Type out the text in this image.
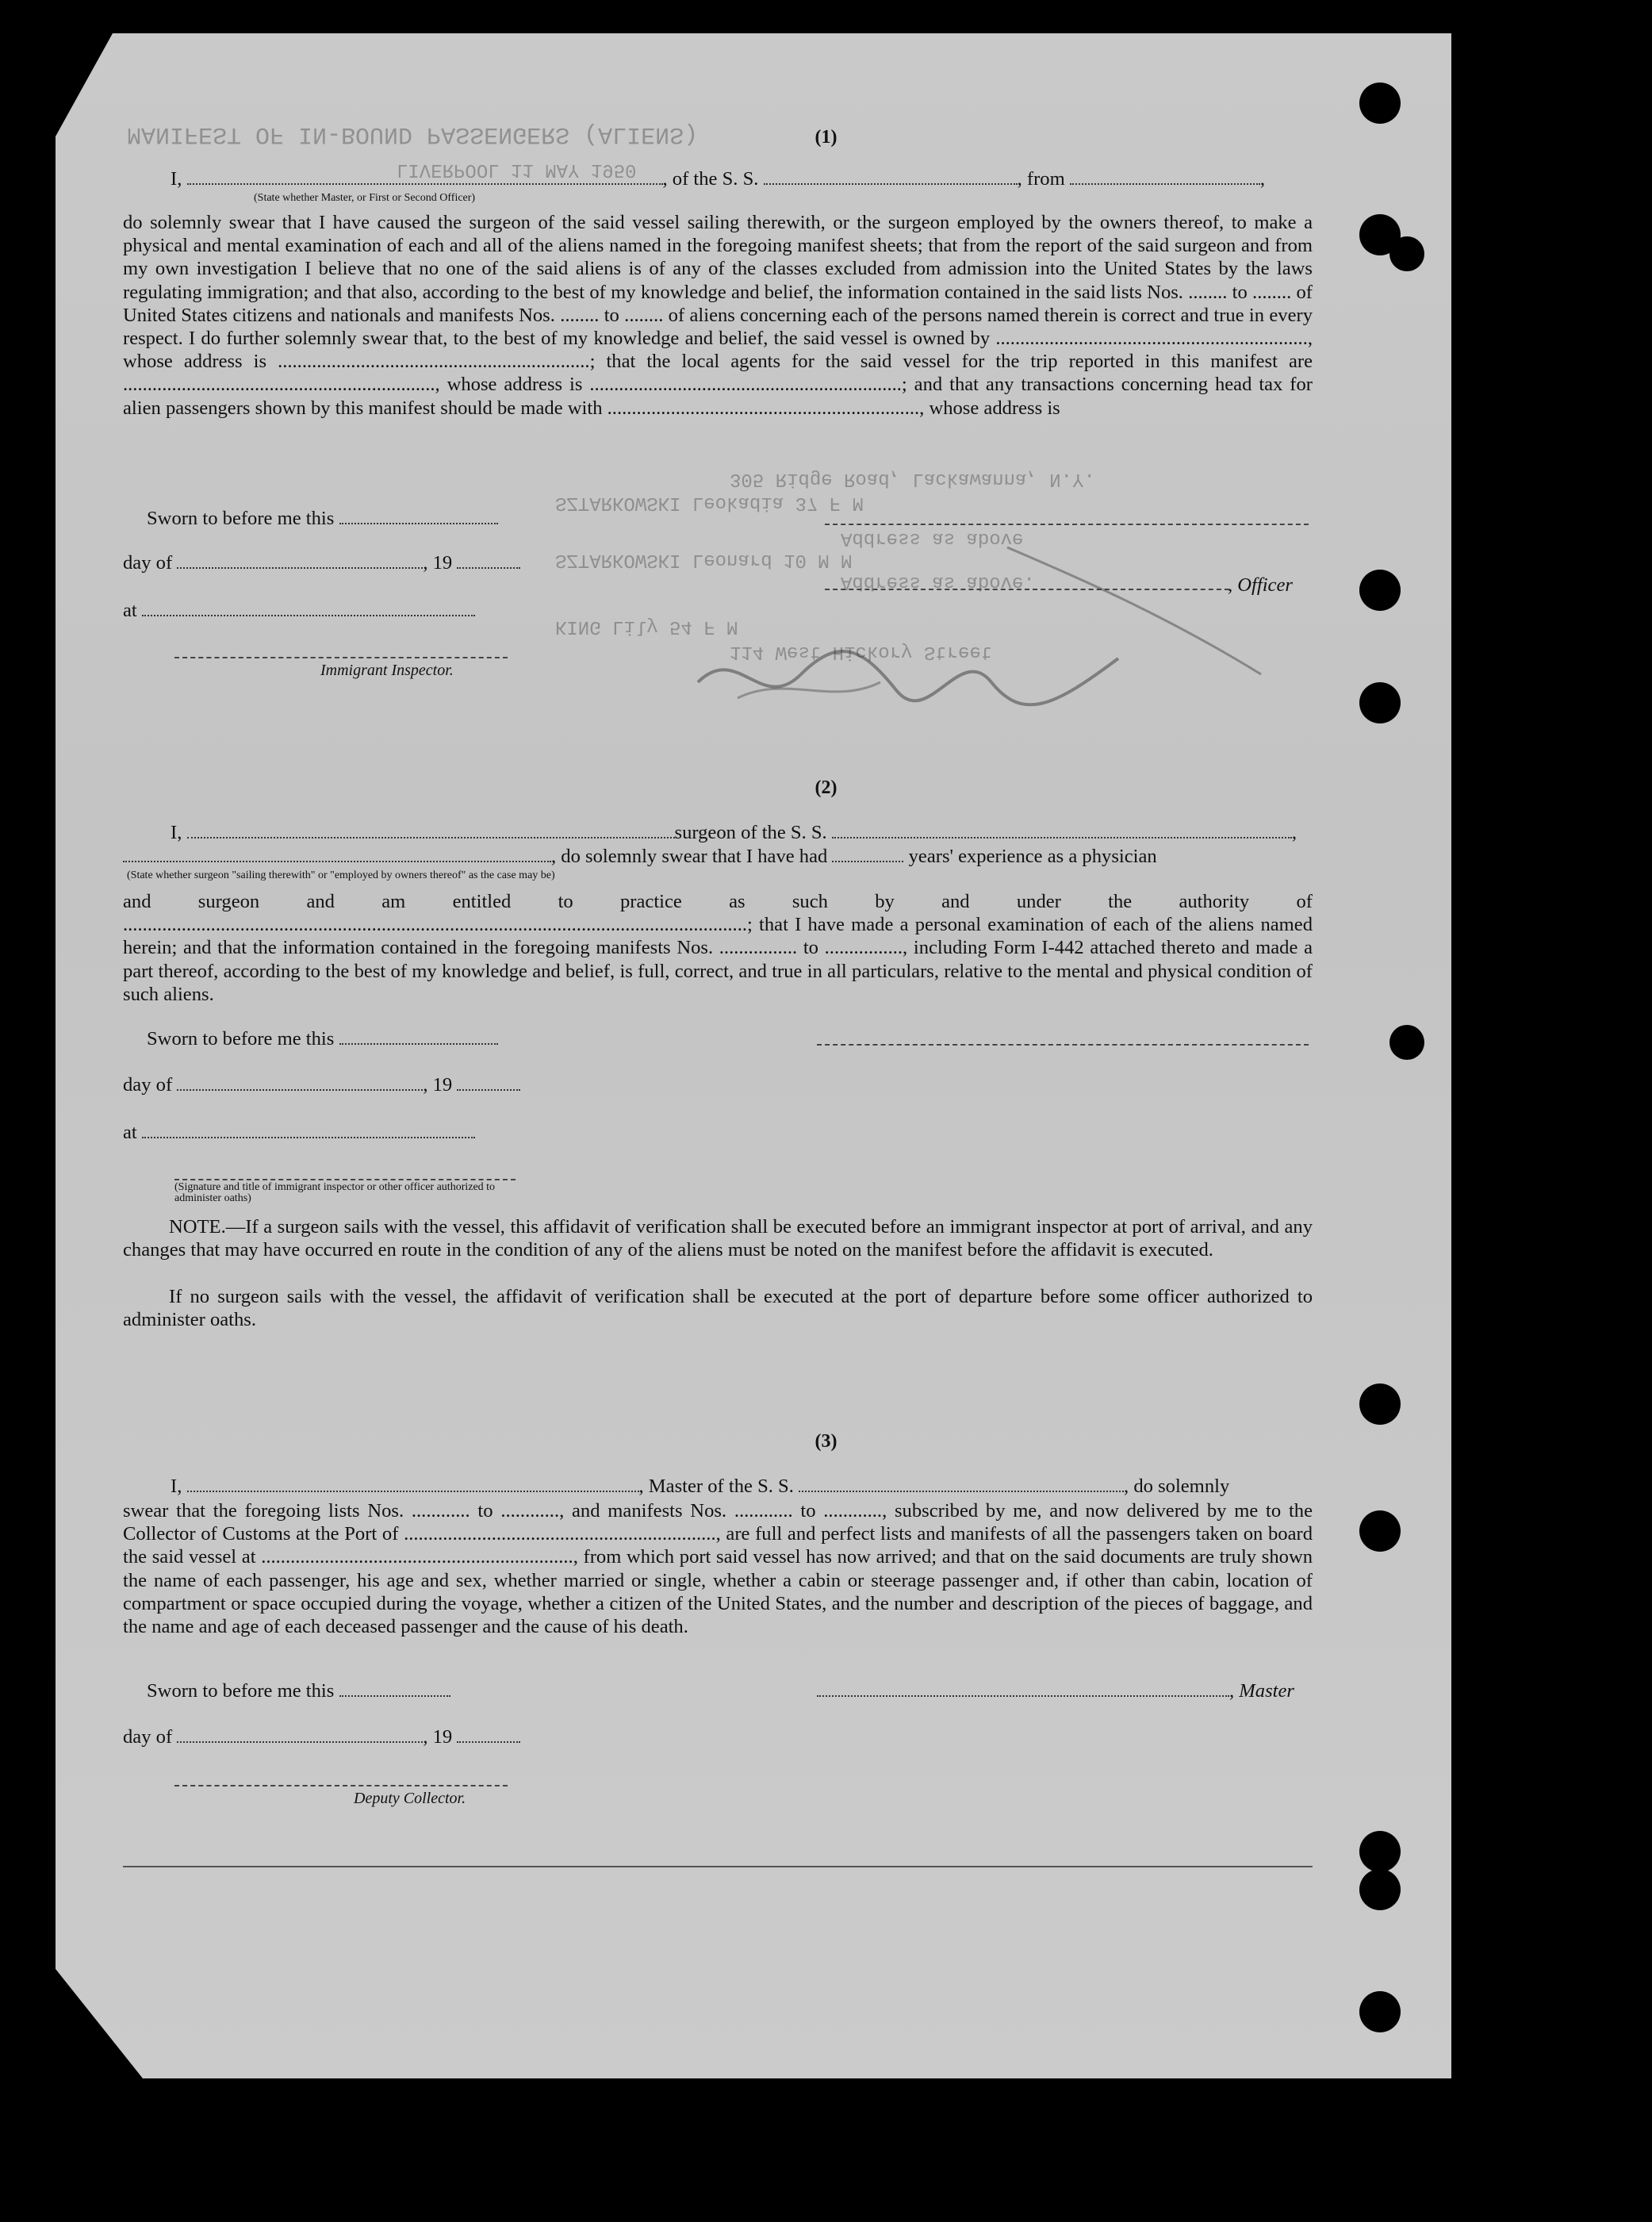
MANIFEST OF IN-BOUND PASSENGERS (ALIENS)
LIVERPOOL 11 MAY 1950
305 Ridge Road, Lackawanna, N.Y.
SZTARKOWSKI Leokadia 37 F M
Address as above
SZTARKOWSKI Leonard 10 M M
Address as above.
KING Lily 54 F M
114 West Hickory Street
(1)
I,	, of the S. S.	, from	,
(State whether Master, or First or Second Officer)
do solemnly swear that I have caused the surgeon of the said vessel sailing therewith, or the surgeon employed by the owners thereof, to make a physical and mental examination of each and all of the aliens named in the foregoing manifest sheets; that from the report of the said surgeon and from my own investigation I believe that no one of the said aliens is of any of the classes excluded from admission into the United States by the laws regulating immigration; and that also, according to the best of my knowledge and belief, the information contained in the said lists Nos. ........ to ........ of United States citizens and nationals and manifests Nos. ........ to ........ of aliens concerning each of the persons named therein is correct and true in every respect. I do further solemnly swear that, to the best of my knowledge and belief, the said vessel is owned by ................................................................, whose address is ................................................................; that the local agents for the said vessel for the trip reported in this manifest are ................................................................, whose address is ................................................................; and that any transactions concerning head tax for alien passengers shown by this manifest should be made with ................................................................, whose address is
Sworn to before me this
day of	, 19
at
Immigrant Inspector.
, Officer
(2)
I,	surgeon of the S. S.	,
, do solemnly swear that I have had	years' experience as a physician
(State whether surgeon "sailing therewith" or "employed by owners thereof" as the case may be)
and surgeon and am entitled to practice as such by and under the authority of ................................................................................................................................; that I have made a personal examination of each of the aliens named herein; and that the information contained in the foregoing manifests Nos. ................ to ................, including Form I-442 attached thereto and made a part thereof, according to the best of my knowledge and belief, is full, correct, and true in all particulars, relative to the mental and physical condition of such aliens.
Sworn to before me this
day of	, 19
at
(Signature and title of immigrant inspector or other officer authorized to administer oaths)
NOTE.—If a surgeon sails with the vessel, this affidavit of verification shall be executed before an immigrant inspector at port of arrival, and any changes that may have occurred en route in the condition of any of the aliens must be noted on the manifest before the affidavit is executed.
If no surgeon sails with the vessel, the affidavit of verification shall be executed at the port of departure before some officer authorized to administer oaths.
(3)
I,	, Master of the S. S.	, do solemnly
swear that the foregoing lists Nos. ............ to ............, and manifests Nos. ............ to ............, subscribed by me, and now delivered by me to the Collector of Customs at the Port of ................................................................, are full and perfect lists and manifests of all the passengers taken on board the said vessel at ................................................................, from which port said vessel has now arrived; and that on the said documents are truly shown the name of each passenger, his age and sex, whether married or single, whether a cabin or steerage passenger and, if other than cabin, location of compartment or space occupied during the voyage, whether a citizen of the United States, and the number and description of the pieces of baggage, and the name and age of each deceased passenger and the cause of his death.
Sworn to before me this	, Master
day of	, 19
Deputy Collector.
